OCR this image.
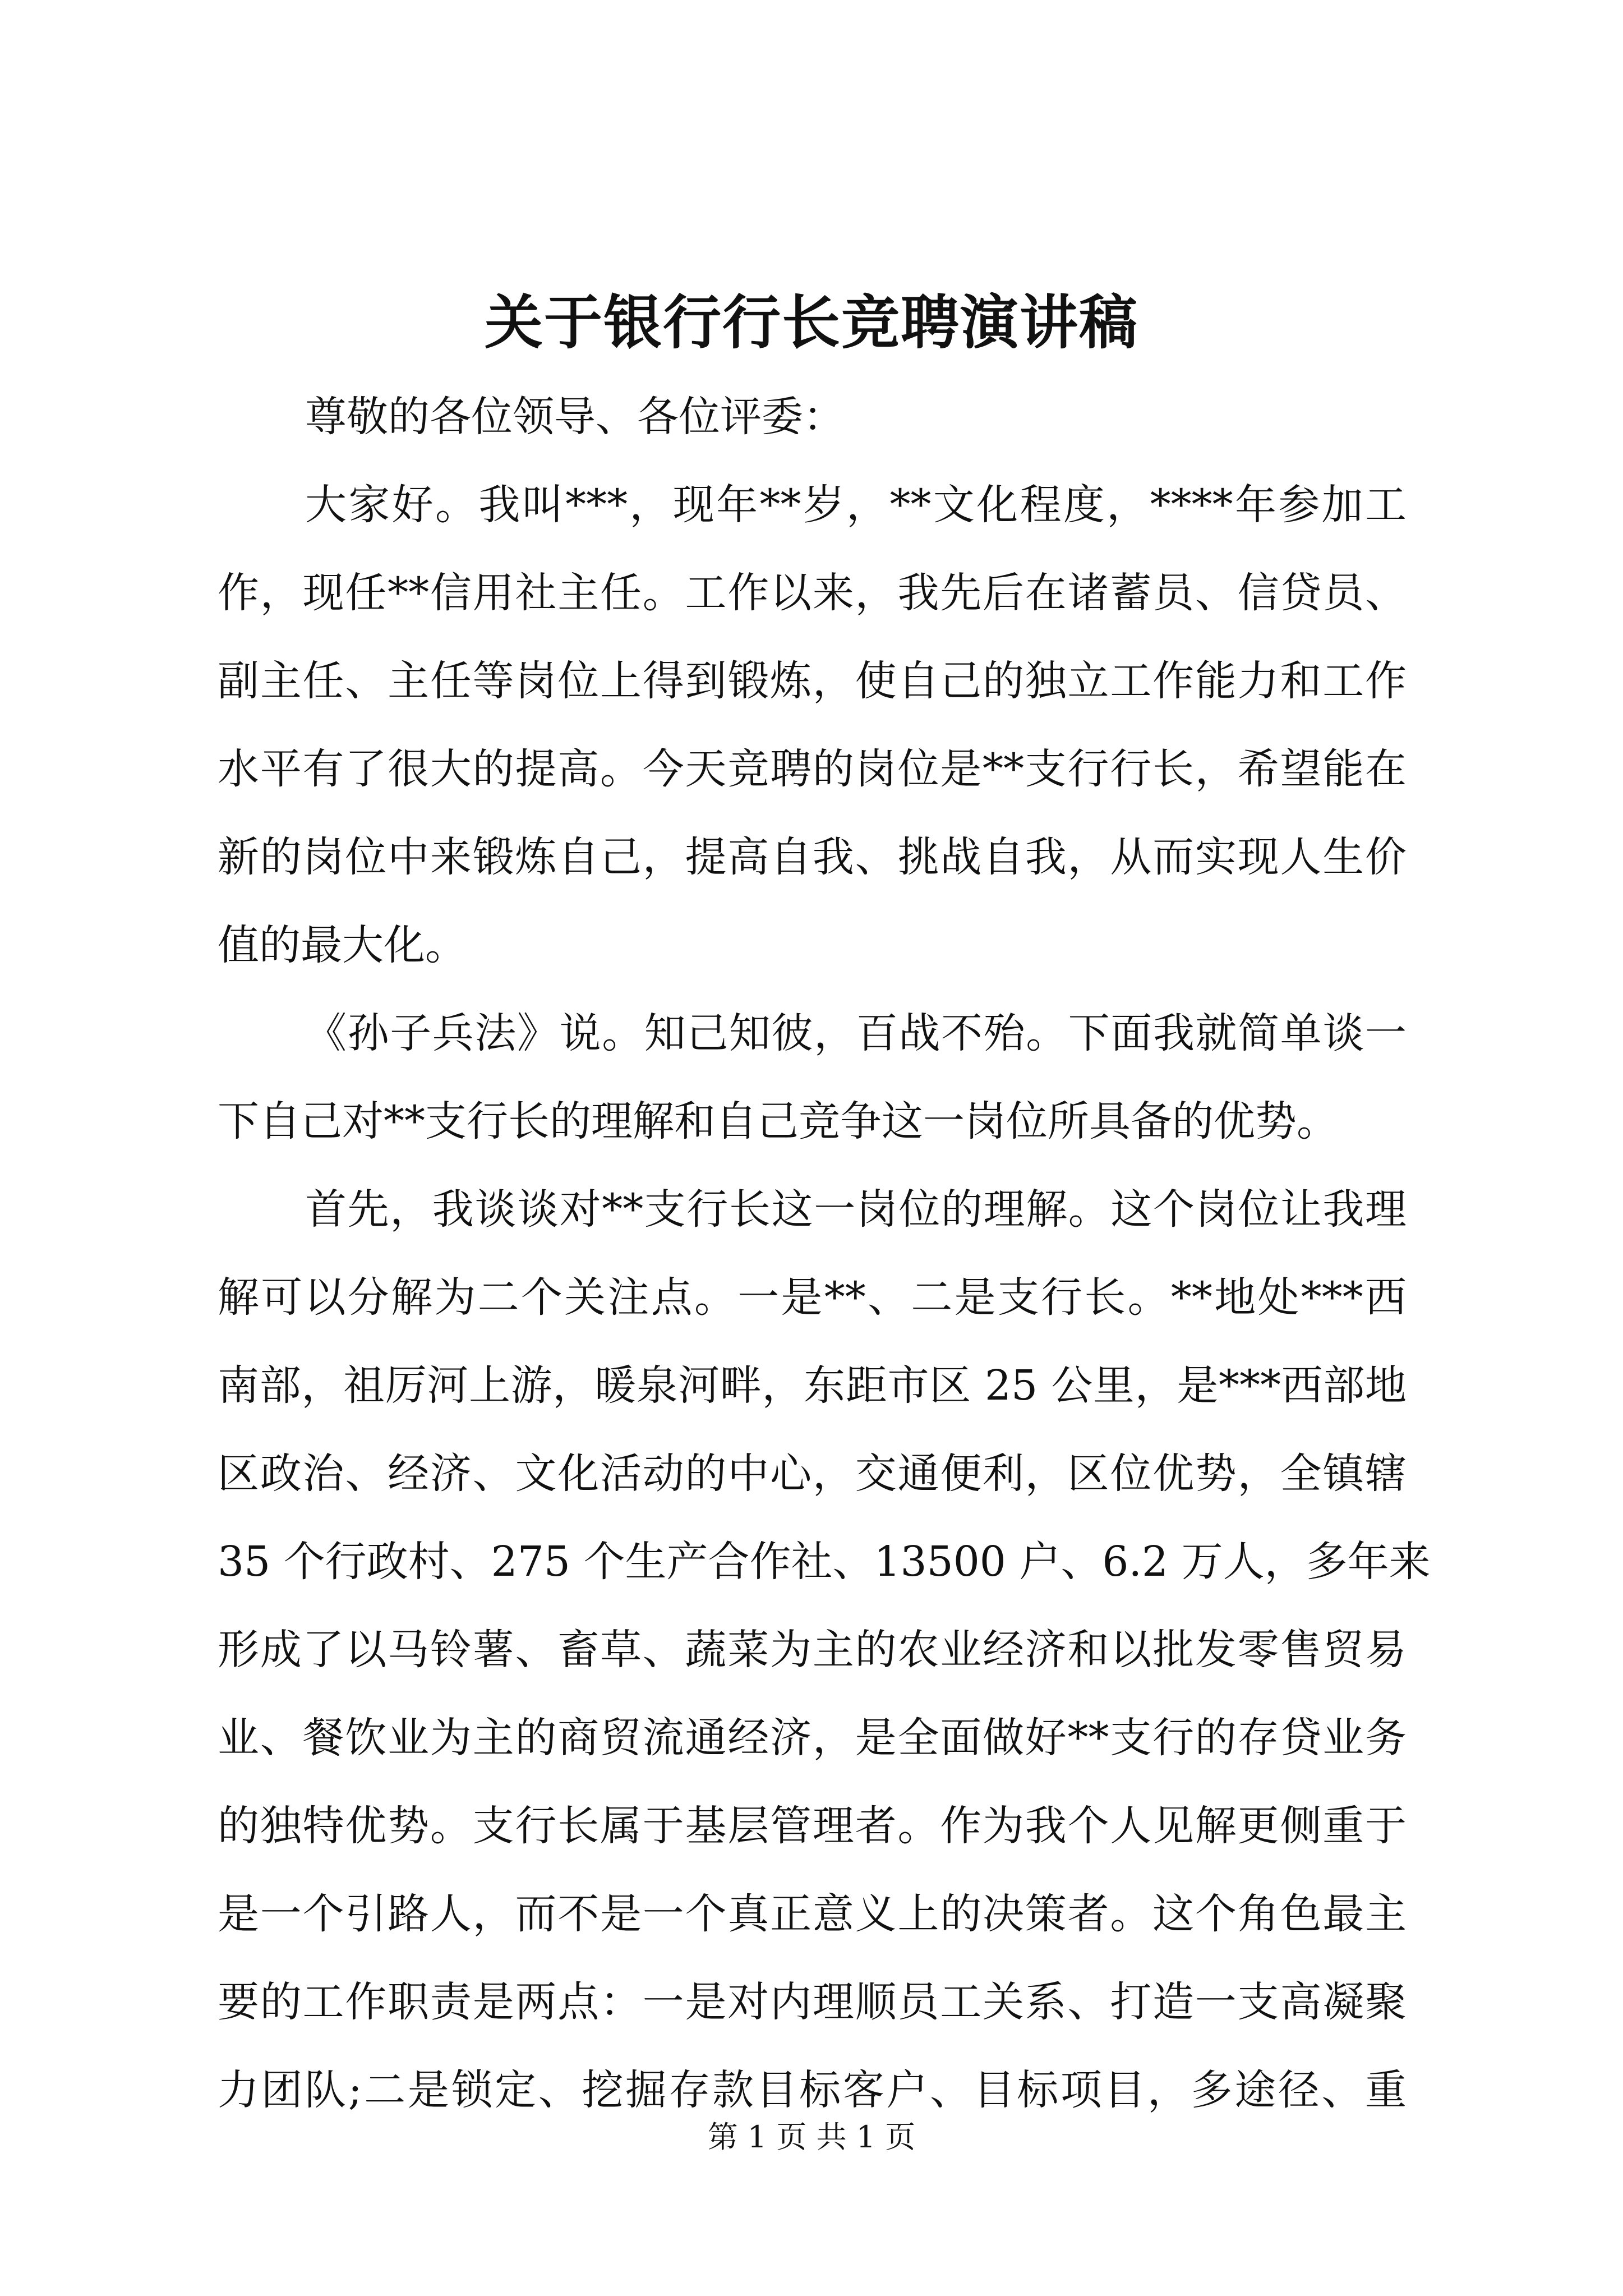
关于银行行长竞聘演讲稿
尊敬的各位领导、各位评委：
大家好。我叫***，现年**岁，**文化程度，****年参加工
作，现任**信用社主任。工作以来，我先后在诸蓄员、信贷员、
副主任、主任等岗位上得到锻炼，使自己的独立工作能力和工作
水平有了很大的提高。今天竞聘的岗位是**支行行长，希望能在
新的岗位中来锻炼自己，提高自我、挑战自我，从而实现人生价
值的最大化。
《孙子兵法》说。知己知彼，百战不殆。下面我就简单谈一
下自己对**支行长的理解和自己竞争这一岗位所具备的优势。
首先，我谈谈对**支行长这一岗位的理解。这个岗位让我理
解可以分解为二个关注点。一是**、二是支行长。**地处***西
南部，祖厉河上游，暖泉河畔，东距市区 25 公里，是***西部地
区政治、经济、文化活动的中心，交通便利，区位优势，全镇辖
35 个行政村、275 个生产合作社、13500 户、6.2 万人，多年来
形成了以马铃薯、畜草、蔬菜为主的农业经济和以批发零售贸易
业、餐饮业为主的商贸流通经济，是全面做好**支行的存贷业务
的独特优势。支行长属于基层管理者。作为我个人见解更侧重于
是一个引路人，而不是一个真正意义上的决策者。这个角色最主
要的工作职责是两点：一是对内理顺员工关系、打造一支高凝聚
力团队;二是锁定、挖掘存款目标客户、目标项目，多途径、重
第 1 页 共 1 页
